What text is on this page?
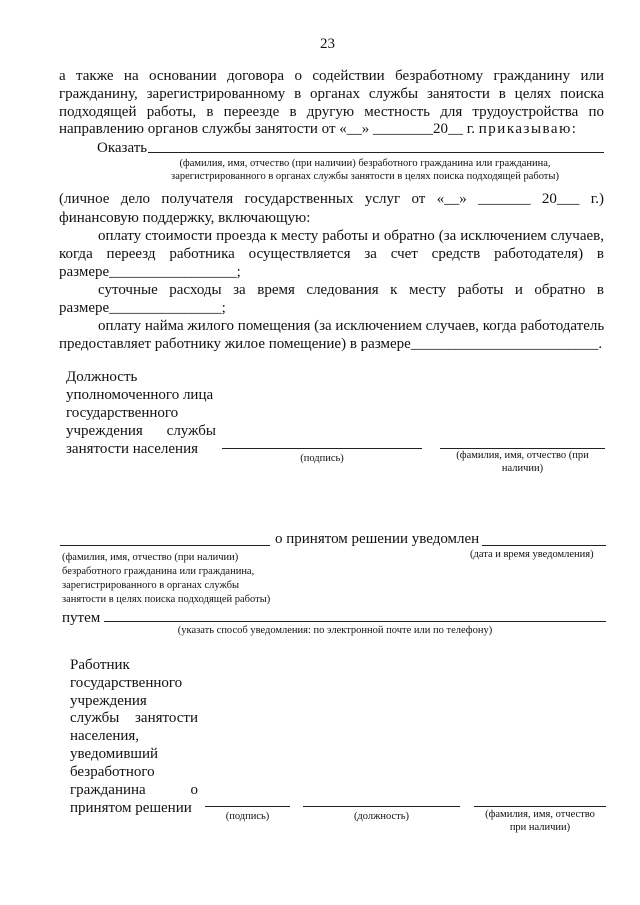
23
а также на основании договора о содействии безработному гражданину или
гражданину, зарегистрированному в органах службы занятости в целях поиска
подходящей работы, в переезде в другую местность для трудоустройства по
направлению органов службы занятости от «__» ________20__ г. приказываю:
Оказать
(фамилия, имя, отчество (при наличии) безработного гражданина или гражданина,
зарегистрированного в органах службы занятости в целях поиска подходящей работы)
(личное дело получателя государственных услуг от «__» _______ 20___ г.)
финансовую поддержку, включающую:
оплату стоимости проезда к месту работы и обратно (за исключением случаев,
когда переезд работника осуществляется за счет средств работодателя) в
размере_________________;
суточные расходы за время следования к месту работы и обратно в
размере_______________;
оплату найма жилого помещения (за исключением случаев, когда работодатель
предоставляет работнику жилое помещение) в размере_________________________.
Должность
уполномоченного лица
государственного
учреждения службы
занятости населения
(подпись)	(фамилия, имя, отчество (при
наличии)
о принятом решении уведомлен
(фамилия, имя, отчество (при наличии)
безработного гражданина или гражданина,
зарегистрированного в органах службы
занятости в целях поиска подходящей работы)
(дата и время уведомления)
путем
(указать способ уведомления: по электронной почте или по телефону)
Работник
государственного
учреждения
службы занятости
населения,
уведомивший
безработного
гражданина о
принятом решении
(подпись)	(должность)	(фамилия, имя, отчество
при наличии)
